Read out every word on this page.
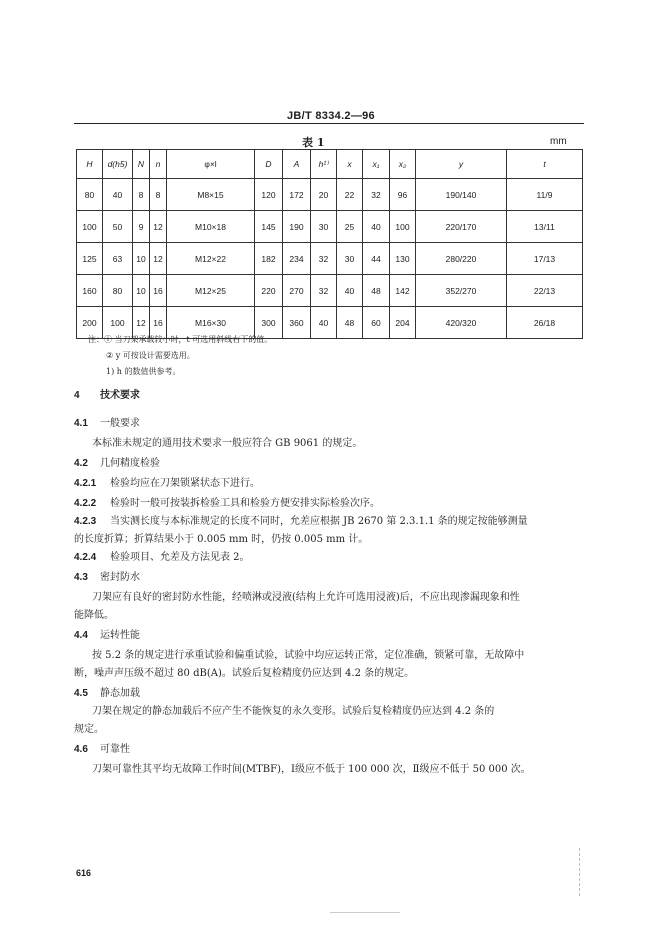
JB/T 8334.2—96
表 1	mm
H	d(h5)	N	n	φ×l	D	A	h¹⁾	x	x₁	x₂	y	t
80	40	8	8	M8×15	120	172	20	22	32	96	190/140	11/9
100	50	9	12	M10×18	145	190	30	25	40	100	220/170	13/11
125	63	10	12	M12×22	182	234	32	30	44	130	280/220	17/13
160	80	10	16	M12×25	220	270	32	40	48	142	352/270	22/13
200	100	12	16	M16×30	300	360	40	48	60	204	420/320	26/18
注：① 当刀架承载较小时，t 可选用斜线右下的值。
② y 可按设计需要选用。
1) h 的数值供参考。
4 技术要求
4.1 一般要求
本标准未规定的通用技术要求一般应符合 GB 9061 的规定。
4.2 几何精度检验
4.2.1 检验均应在刀架锁紧状态下进行。
4.2.2 检验时一般可按装拆检验工具和检验方便安排实际检验次序。
4.2.3 当实测长度与本标准规定的长度不同时，允差应根据 JB 2670 第 2.3.1.1 条的规定按能够测量
的长度折算；折算结果小于 0.005 mm 时，仍按 0.005 mm 计。
4.2.4 检验项目、允差及方法见表 2。
4.3 密封防水
刀架应有良好的密封防水性能，经喷淋或浸液(结构上允许可选用浸液)后，不应出现渗漏现象和性
能降低。
4.4 运转性能
按 5.2 条的规定进行承重试验和偏重试验，试验中均应运转正常，定位准确，锁紧可靠，无故障中
断，噪声声压级不超过 80 dB(A)。试验后复检精度仍应达到 4.2 条的规定。
4.5 静态加载
刀架在规定的静态加载后不应产生不能恢复的永久变形。试验后复检精度仍应达到 4.2 条的
规定。
4.6 可靠性
刀架可靠性其平均无故障工作时间(MTBF)，Ⅰ级应不低于 100 000 次，Ⅱ级应不低于 50 000 次。
616
